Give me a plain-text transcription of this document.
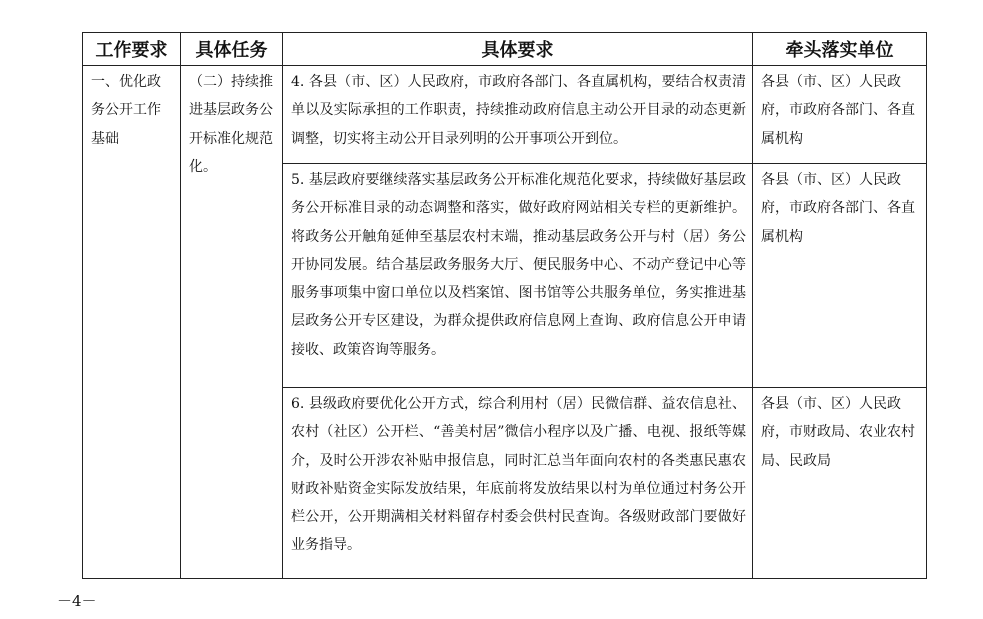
工作要求	具体任务	具体要求	牵头落实单位
一、优化政务公开工作基础	（二）持续推进基层政务公开标准化规范化。	4. 各县（市、区）人民政府，市政府各部门、各直属机构，要结合权责清单以及实际承担的工作职责，持续推动政府信息主动公开目录的动态更新调整，切实将主动公开目录列明的公开事项公开到位。	各县（市、区）人民政府，市政府各部门、各直属机构
		5. 基层政府要继续落实基层政务公开标准化规范化要求，持续做好基层政务公开标准目录的动态调整和落实，做好政府网站相关专栏的更新维护。将政务公开触角延伸至基层农村末端，推动基层政务公开与村（居）务公开协同发展。结合基层政务服务大厅、便民服务中心、不动产登记中心等服务事项集中窗口单位以及档案馆、图书馆等公共服务单位，务实推进基层政务公开专区建设，为群众提供政府信息网上查询、政府信息公开申请接收、政策咨询等服务。	各县（市、区）人民政府，市政府各部门、各直属机构
		6. 县级政府要优化公开方式，综合利用村（居）民微信群、益农信息社、农村（社区）公开栏、“善美村居”微信小程序以及广播、电视、报纸等媒介，及时公开涉农补贴申报信息，同时汇总当年面向农村的各类惠民惠农财政补贴资金实际发放结果，年底前将发放结果以村为单位通过村务公开栏公开，公开期满相关材料留存村委会供村民查询。各级财政部门要做好业务指导。	各县（市、区）人民政府，市财政局、农业农村局、民政局
－4－
